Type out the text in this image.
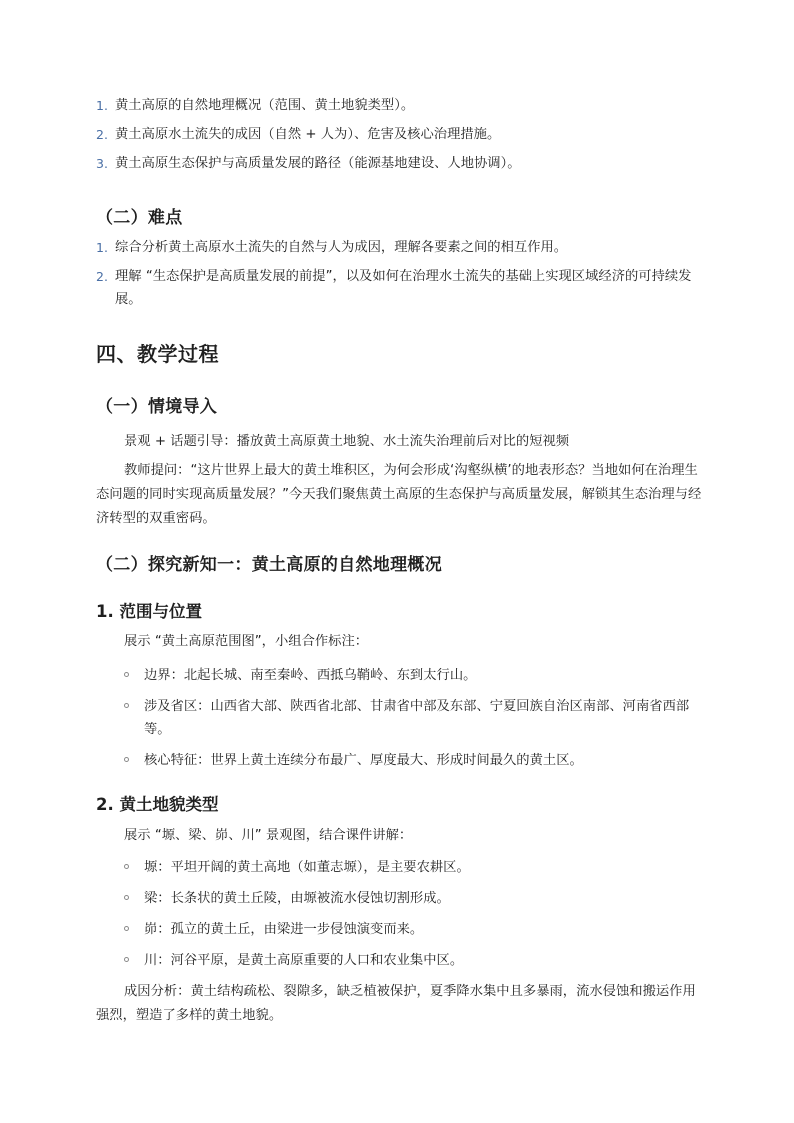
1. 黄土高原的自然地理概况（范围、黄土地貌类型）。
2. 黄土高原水土流失的成因（自然 + 人为）、危害及核心治理措施。
3. 黄土高原生态保护与高质量发展的路径（能源基地建设、人地协调）。
（二）难点
1. 综合分析黄土高原水土流失的自然与人为成因，理解各要素之间的相互作用。
2. 理解 “生态保护是高质量发展的前提”，以及如何在治理水土流失的基础上实现区域经济的可持续发展。
四、教学过程
（一）情境导入

景观 + 话题引导：播放黄土高原黄土地貌、水土流失治理前后对比的短视频

教师提问：“这片世界上最大的黄土堆积区，为何会形成‘沟壑纵横’的地表形态？当地如何在治理生态问题的同时实现高质量发展？”今天我们聚焦黄土高原的生态保护与高质量发展，解锁其生态治理与经济转型的双重密码。

（二）探究新知一：黄土高原的自然地理概况
1. 范围与位置

展示 “黄土高原范围图”，小组合作标注：

边界：北起长城、南至秦岭、西抵乌鞘岭、东到太行山。
涉及省区：山西省大部、陕西省北部、甘肃省中部及东部、宁夏回族自治区南部、河南省西部等。
核心特征：世界上黄土连续分布最广、厚度最大、形成时间最久的黄土区。
2. 黄土地貌类型

展示 “塬、梁、峁、川” 景观图，结合课件讲解：

塬：平坦开阔的黄土高地（如董志塬），是主要农耕区。
梁：长条状的黄土丘陵，由塬被流水侵蚀切割形成。
峁：孤立的黄土丘，由梁进一步侵蚀演变而来。
川：河谷平原，是黄土高原重要的人口和农业集中区。

成因分析：黄土结构疏松、裂隙多，缺乏植被保护，夏季降水集中且多暴雨，流水侵蚀和搬运作用强烈，塑造了多样的黄土地貌。
